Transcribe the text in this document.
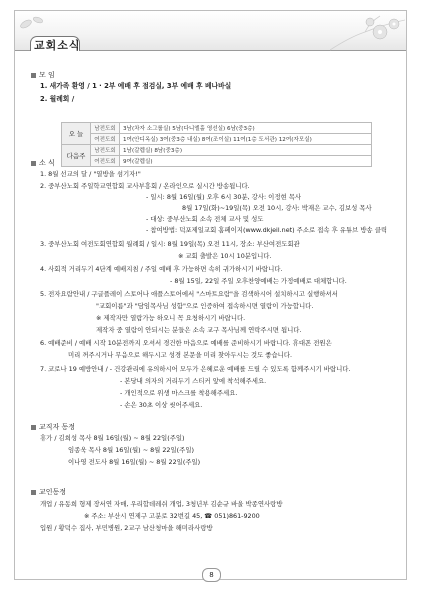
교회소식
모 임
1. 새가족 환영 / 1 · 2부 예배 후 점검실, 3부 예배 후 베나바실
2. 월례회 /
오 늘	남전도회	3남(차자 소그룹실) 5남(다니엘홀 영선실) 6남(중3층)
	여전도회	1여(안디옥실) 3여(중3층 내실) 8여(조이실) 11여(1층 도서관) 12여(자모실)
다음주	남전도회	1남(갈렙실) 8남(중3층)
	여전도회	9여(갈렙실)
소 식
1. 8월 선교의 달 / "열방을 섬기자!"
2. 중부산노회 주일학교연합회 교사부흥회 / 온라인으로 실시간 방송됩니다.
- 일시: 8월 16일(월) 오후 6시 30분, 강사: 이정현 목사
8월 17일(화)~19일(목) 오전 10시, 강사: 박재은 교수, 김보성 목사
- 대상: 중부산노회 소속 전체 교사 및 성도
- 참여방법: 덕포제일교회 홈페이지(www.dkjeil.net) 주소로 접속 후 유튜브 방송 클릭
3. 중부산노회 여전도회연합회 월례회 / 일시: 8월 19일(목) 오전 11시, 장소: 부산여전도회관
※ 교회 출발은 10시 10분입니다.
4. 사회적 거리두기 4단계 예배지침 / 주일 예배 후 가능하면 속히 귀가하시기 바랍니다.
- 8월 15일, 22일 주일 오후찬양예배는 가정예배로 대체합니다.
5. 전자요람안내 / 구글플레이 스토어나 애플스토어에서 "스마트요람"을 검색하시어 설치하시고 실행하셔서
"교회이름"과 "담임목사님 성함"으로 인증하여 접속하시면 열람이 가능합니다.
※ 제작자만 열람가능 하오니 꼭 요청하시기 바랍니다.
제작자 중 열람이 안되시는 분들은 소속 교구 목사님께 연락주시면 됩니다.
6. 예배준비 / 예배 시작 10분전까지 오셔서 경건한 마음으로 예배를 준비하시기 바랍니다. 휴대폰 전원은
미리 꺼주시거나 무음으로 해두시고 성경 본문을 미리 찾아두시는 것도 좋습니다.
7. 코로나 19 예방안내 / - 건강관리에 유의하시어 모두가 은혜로운 예배를 드릴 수 있도록 함께주시기 바랍니다.
- 본당내 의자의 거리두기 스티커 앞에 착석해주세요.
- 개인적으로 위생 마스크를 착용해주세요.
- 손은 30초 이상 씻어주세요.
교직자 동정
휴가 / 김희성 목사 8월 16일(월) ~ 8월 22일(주일)
임종욱 목사 8월 16일(월) ~ 8월 22일(주일)
이나영 전도사 8월 16일(월) ~ 8월 22일(주일)
교인동정
개업 / 유동희 형제 장서연 자매, 우리합데레쉬 개업, 3청년부 김순규 바울 박종연사랑방
※ 주소: 부산시 연제구 고분로 32번길 45, ☎ 051)861-9200
입원 / 황덕수 집사, 부민병원, 2교구 남산청마을 해미라사랑방
8
